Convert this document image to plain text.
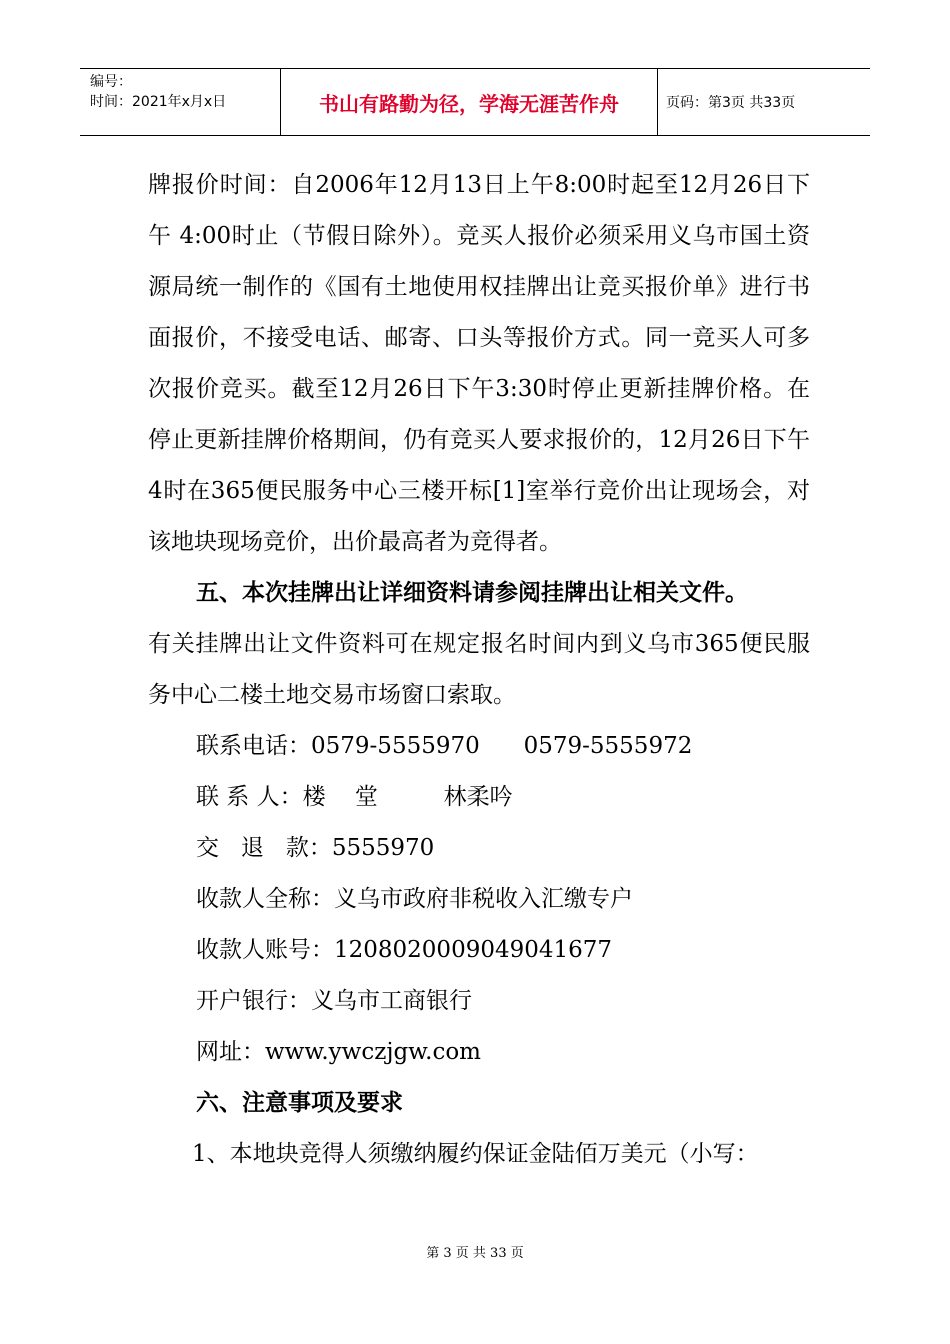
编号：
时间：2021年x月x日	书山有路勤为径，学海无涯苦作舟	页码：第3页 共33页

牌报价时间：自2006年12月13日上午8:00时起至12月26日下午 4:00时止（节假日除外）。竞买人报价必须采用义乌市国土资源局统一制作的《国有土地使用权挂牌出让竞买报价单》进行书面报价，不接受电话、邮寄、口头等报价方式。同一竞买人可多次报价竞买。截至12月26日下午3:30时停止更新挂牌价格。在停止更新挂牌价格期间，仍有竞买人要求报价的，12月26日下午4时在365便民服务中心三楼开标[1]室举行竞价出让现场会，对该地块现场竞价，出价最高者为竞得者。

五、本次挂牌出让详细资料请参阅挂牌出让相关文件。

有关挂牌出让文件资料可在规定报名时间内到义乌市365便民服务中心二楼土地交易市场窗口索取。

联系电话：0579-5555970      0579-5555972

联 系 人：楼    堂         林柔吟

交   退   款：5555970

收款人全称：义乌市政府非税收入汇缴专户

收款人账号：1208020009049041677

开户银行：义乌市工商银行

网址：www.ywczjgw.com

六、注意事项及要求

1、本地块竞得人须缴纳履约保证金陆佰万美元（小写：

第 3 页 共 33 页
